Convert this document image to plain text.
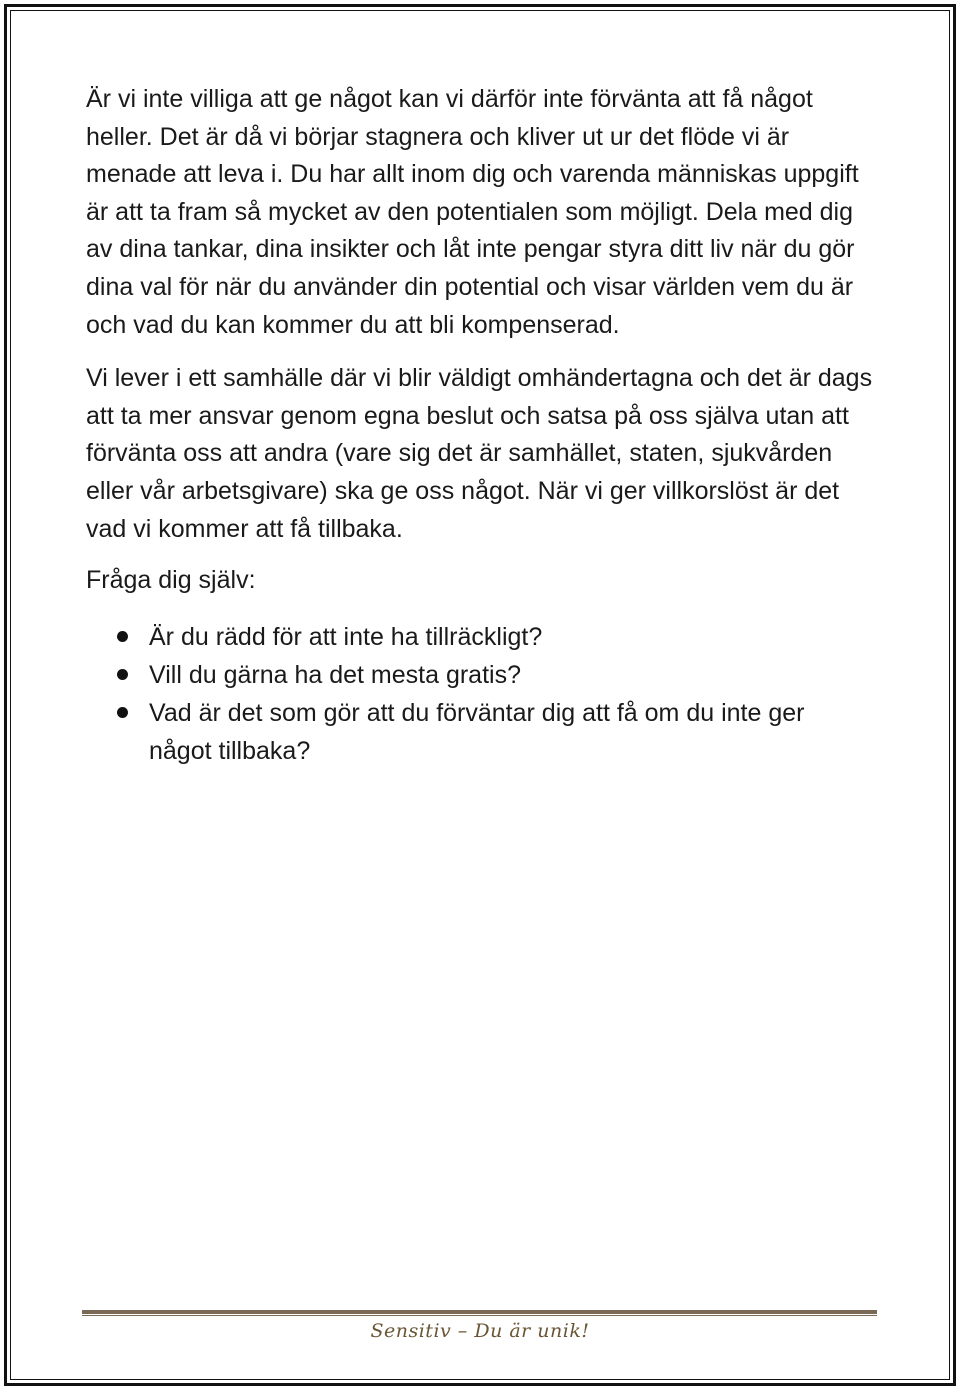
Är vi inte villiga att ge något kan vi därför inte förvänta att få något heller. Det är då vi börjar stagnera och kliver ut ur det flöde vi är menade att leva i. Du har allt inom dig och varenda människas uppgift är att ta fram så mycket av den potentialen som möjligt. Dela med dig av dina tankar, dina insikter och låt inte pengar styra ditt liv när du gör dina val för när du använder din potential och visar världen vem du är och vad du kan kommer du att bli kompenserad.

Vi lever i ett samhälle där vi blir väldigt omhändertagna och det är dags att ta mer ansvar genom egna beslut och satsa på oss själva utan att förvänta oss att andra (vare sig det är samhället, staten, sjukvården eller vår arbetsgivare) ska ge oss något. När vi ger villkorslöst är det vad vi kommer att få tillbaka.

Fråga dig själv:

Är du rädd för att inte ha tillräckligt?
Vill du gärna ha det mesta gratis?
Vad är det som gör att du förväntar dig att få om du inte ger något tillbaka?
Sensitiv – Du är unik!
